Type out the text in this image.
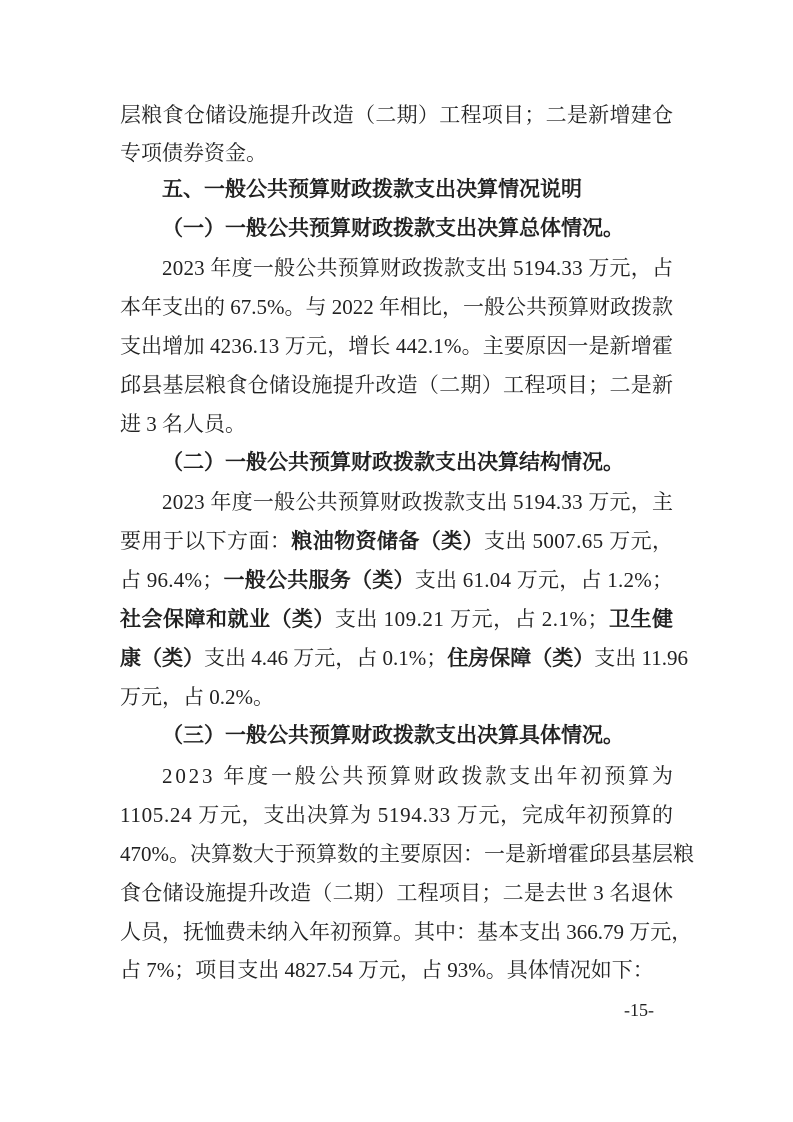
层粮食仓储设施提升改造（二期）工程项目；二是新增建仓
专项债券资金。
五、一般公共预算财政拨款支出决算情况说明
（一）一般公共预算财政拨款支出决算总体情况。
2023 年度一般公共预算财政拨款支出 5194.33 万元，占
本年支出的 67.5%。与 2022 年相比，一般公共预算财政拨款
支出增加 4236.13 万元，增长 442.1%。主要原因一是新增霍
邱县基层粮食仓储设施提升改造（二期）工程项目；二是新
进 3 名人员。
（二）一般公共预算财政拨款支出决算结构情况。
2023 年度一般公共预算财政拨款支出 5194.33 万元，主
要用于以下方面：粮油物资储备（类）支出 5007.65 万元，
占 96.4%；一般公共服务（类）支出 61.04 万元，占 1.2%；
社会保障和就业（类）支出 109.21 万元，占 2.1%；卫生健
康（类）支出 4.46 万元，占 0.1%；住房保障（类）支出 11.96
万元，占 0.2%。
（三）一般公共预算财政拨款支出决算具体情况。
2023 年度一般公共预算财政拨款支出年初预算为
1105.24 万元，支出决算为 5194.33 万元，完成年初预算的
470%。决算数大于预算数的主要原因：一是新增霍邱县基层粮
食仓储设施提升改造（二期）工程项目；二是去世 3 名退休
人员，抚恤费未纳入年初预算。其中：基本支出 366.79 万元，
占 7%；项目支出 4827.54 万元，占 93%。具体情况如下：
-15-
